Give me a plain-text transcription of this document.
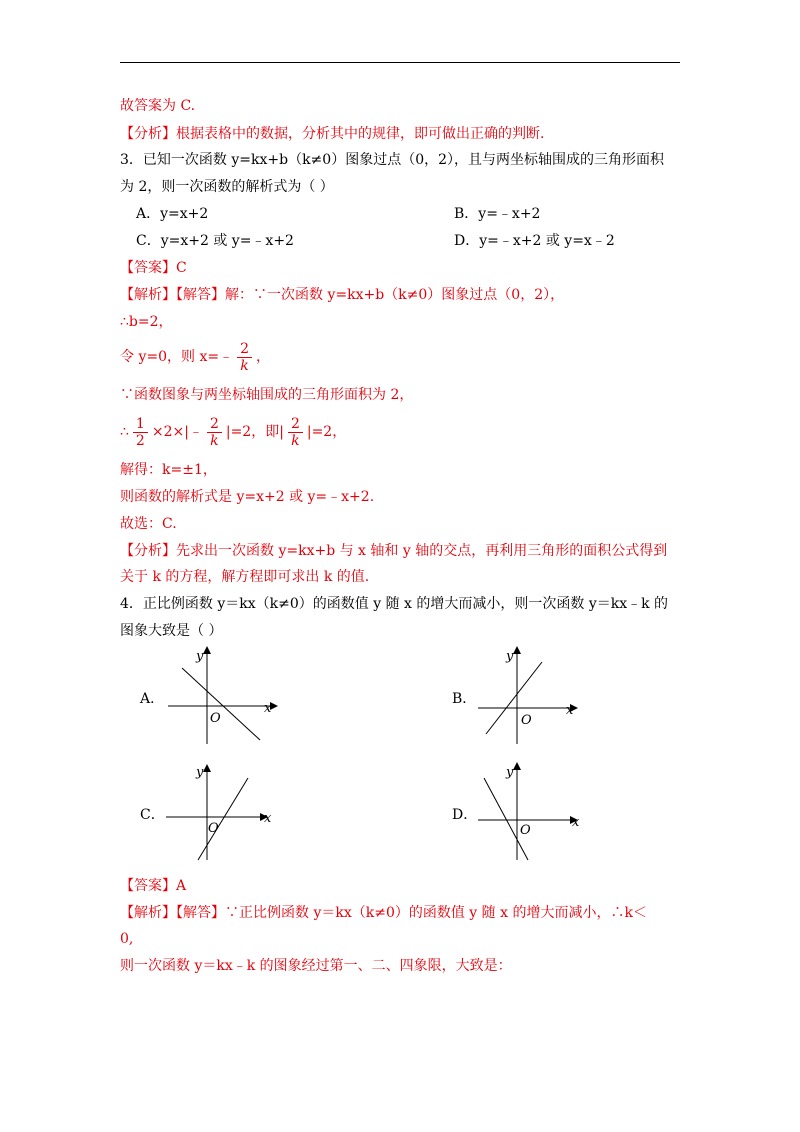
故答案为 C.
【分析】根据表格中的数据，分析其中的规律，即可做出正确的判断.
3．已知一次函数 y=kx+b（k≠0）图象过点（0，2），且与两坐标轴围成的三角形面积
为 2，则一次函数的解析式为（ ）
A．y=x+2	B．y=﹣x+2
C．y=x+2 或 y=﹣x+2	D．y=﹣x+2 或 y=x﹣2
【答案】C
【解析】【解答】解：∵一次函数 y=kx+b（k≠0）图象过点（0，2），
∴b=2，
令 y=0，则 x=﹣ $\frac{2}{k}$ ，
∵函数图象与两坐标轴围成的三角形面积为 2，
∴ $\frac{1}{2}$ ×2×|﹣ $\frac{2}{k} |=2$，即| $\frac{2}{k} |=2$，
解得：k=±1，
则函数的解析式是 y=x+2 或 y=﹣x+2.
故选：C.
【分析】先求出一次函数 y=kx+b 与 x 轴和 y 轴的交点，再利用三角形的面积公式得到
关于 k 的方程，解方程即可求出 k 的值.
4．正比例函数 y＝kx（k≠0）的函数值 y 随 x 的增大而减小，则一次函数 y＝kx﹣k 的
图象大致是（ ）
A．
x
y
O
B．
x
y
O
C．	x
y
O
D．	x
y
O
【答案】A
【解析】【解答】∵正比例函数 y＝kx（k≠0）的函数值 y 随 x 的增大而减小，∴k＜
0,
则一次函数 y＝kx﹣k 的图象经过第一、二、四象限，大致是：
